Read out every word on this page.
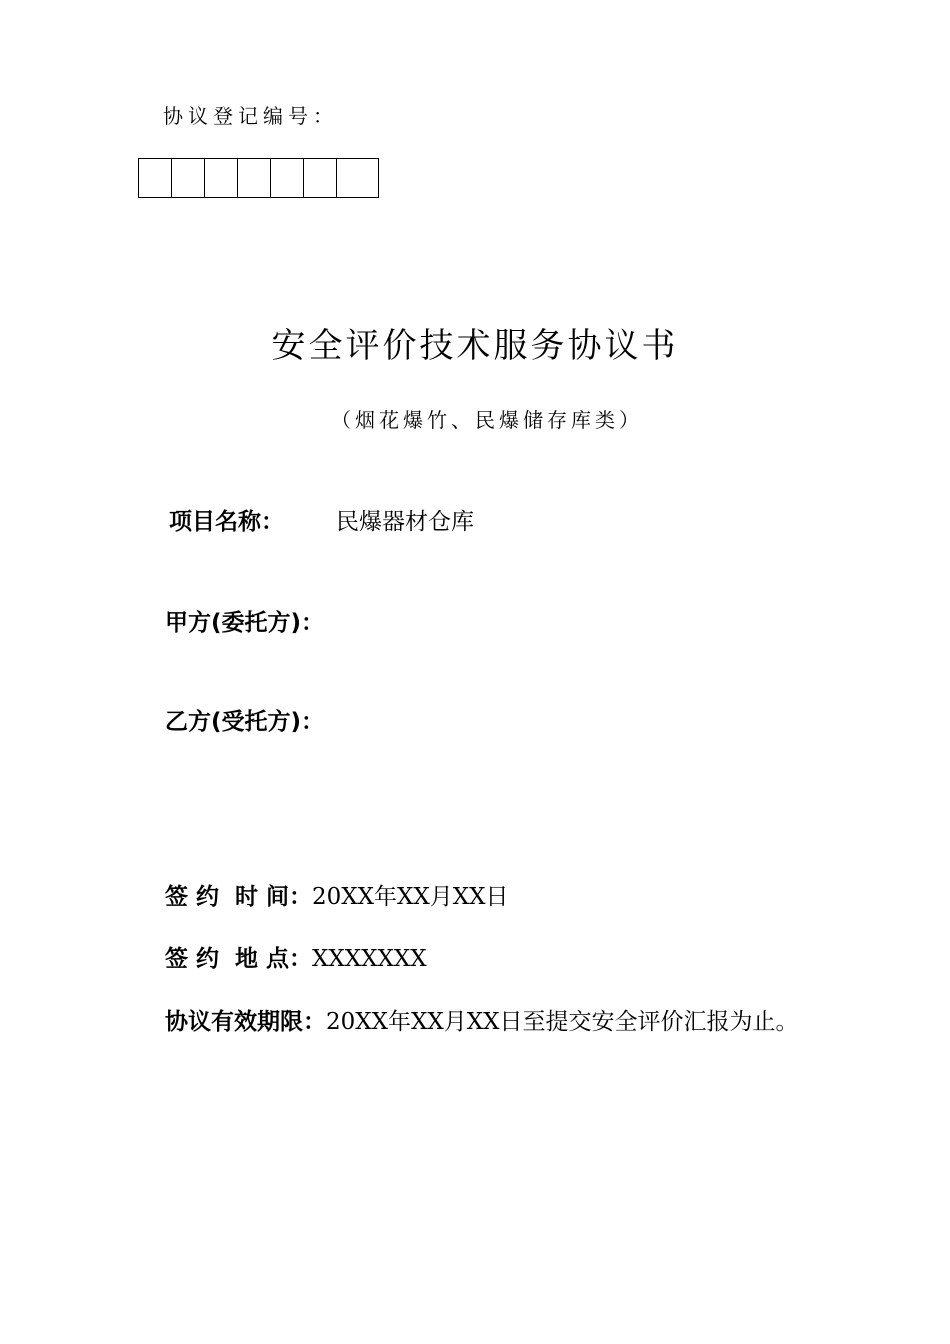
协议登记编号：
安全评价技术服务协议书
（烟花爆竹、民爆储存库类）
项目名称： 民爆器材仓库
甲方(委托方)：
乙方(受托方)：
签 约  时 间：20XX年XX月XX日
签 约  地 点：XXXXXXX
协议有效期限：20XX年XX月XX日至提交安全评价汇报为止。
